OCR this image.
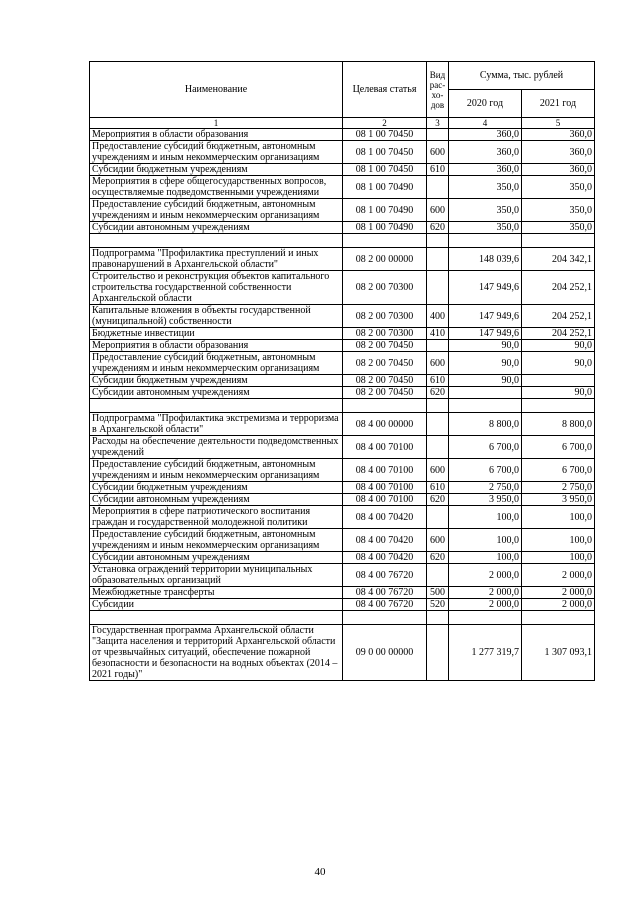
Наименование	Целевая статья	Вид рас-хо-дов	Сумма, тыс. рублей	
			2020 год	2021 год
1	2	3	4	5
Мероприятия в области образования	08 1 00 70450		360,0	360,0
Предоставление субсидий бюджетным, автономным учреждениям и иным некоммерческим организациям	08 1 00 70450	600	360,0	360,0
Субсидии бюджетным учреждениям	08 1 00 70450	610	360,0	360,0
Мероприятия в сфере общегосударственных вопросов, осуществляемые подведомственными учреждениями	08 1 00 70490		350,0	350,0
Предоставление субсидий бюджетным, автономным учреждениям и иным некоммерческим организациям	08 1 00 70490	600	350,0	350,0
Субсидии автономным учреждениям	08 1 00 70490	620	350,0	350,0

Подпрограмма "Профилактика преступлений и иных правонарушений в Архангельской области"	08 2 00 00000		148 039,6	204 342,1
Строительство и реконструкция объектов капитального строительства государственной собственности Архангельской области	08 2 00 70300		147 949,6	204 252,1
Капитальные вложения в объекты государственной (муниципальной) собственности	08 2 00 70300	400	147 949,6	204 252,1
Бюджетные инвестиции	08 2 00 70300	410	147 949,6	204 252,1
Мероприятия в области образования	08 2 00 70450		90,0	90,0
Предоставление субсидий бюджетным, автономным учреждениям и иным некоммерческим организациям	08 2 00 70450	600	90,0	90,0
Субсидии бюджетным учреждениям	08 2 00 70450	610	90,0	
Субсидии автономным учреждениям	08 2 00 70450	620		90,0

Подпрограмма "Профилактика экстремизма и терроризма в Архангельской области"	08 4 00 00000		8 800,0	8 800,0
Расходы на обеспечение деятельности подведомственных учреждений	08 4 00 70100		6 700,0	6 700,0
Предоставление субсидий бюджетным, автономным учреждениям и иным некоммерческим организациям	08 4 00 70100	600	6 700,0	6 700,0
Субсидии бюджетным учреждениям	08 4 00 70100	610	2 750,0	2 750,0
Субсидии автономным учреждениям	08 4 00 70100	620	3 950,0	3 950,0
Мероприятия в сфере патриотического воспитания граждан и государственной молодежной политики	08 4 00 70420		100,0	100,0
Предоставление субсидий бюджетным, автономным учреждениям и иным некоммерческим организациям	08 4 00 70420	600	100,0	100,0
Субсидии автономным учреждениям	08 4 00 70420	620	100,0	100,0
Установка ограждений территории муниципальных образовательных организаций	08 4 00 76720		2 000,0	2 000,0
Межбюджетные трансферты	08 4 00 76720	500	2 000,0	2 000,0
Субсидии	08 4 00 76720	520	2 000,0	2 000,0

Государственная программа Архангельской области "Защита населения и территорий Архангельской области от чрезвычайных ситуаций, обеспечение пожарной безопасности и безопасности на водных объектах (2014 – 2021 годы)"	09 0 00 00000		1 277 319,7	1 307 093,1
40
